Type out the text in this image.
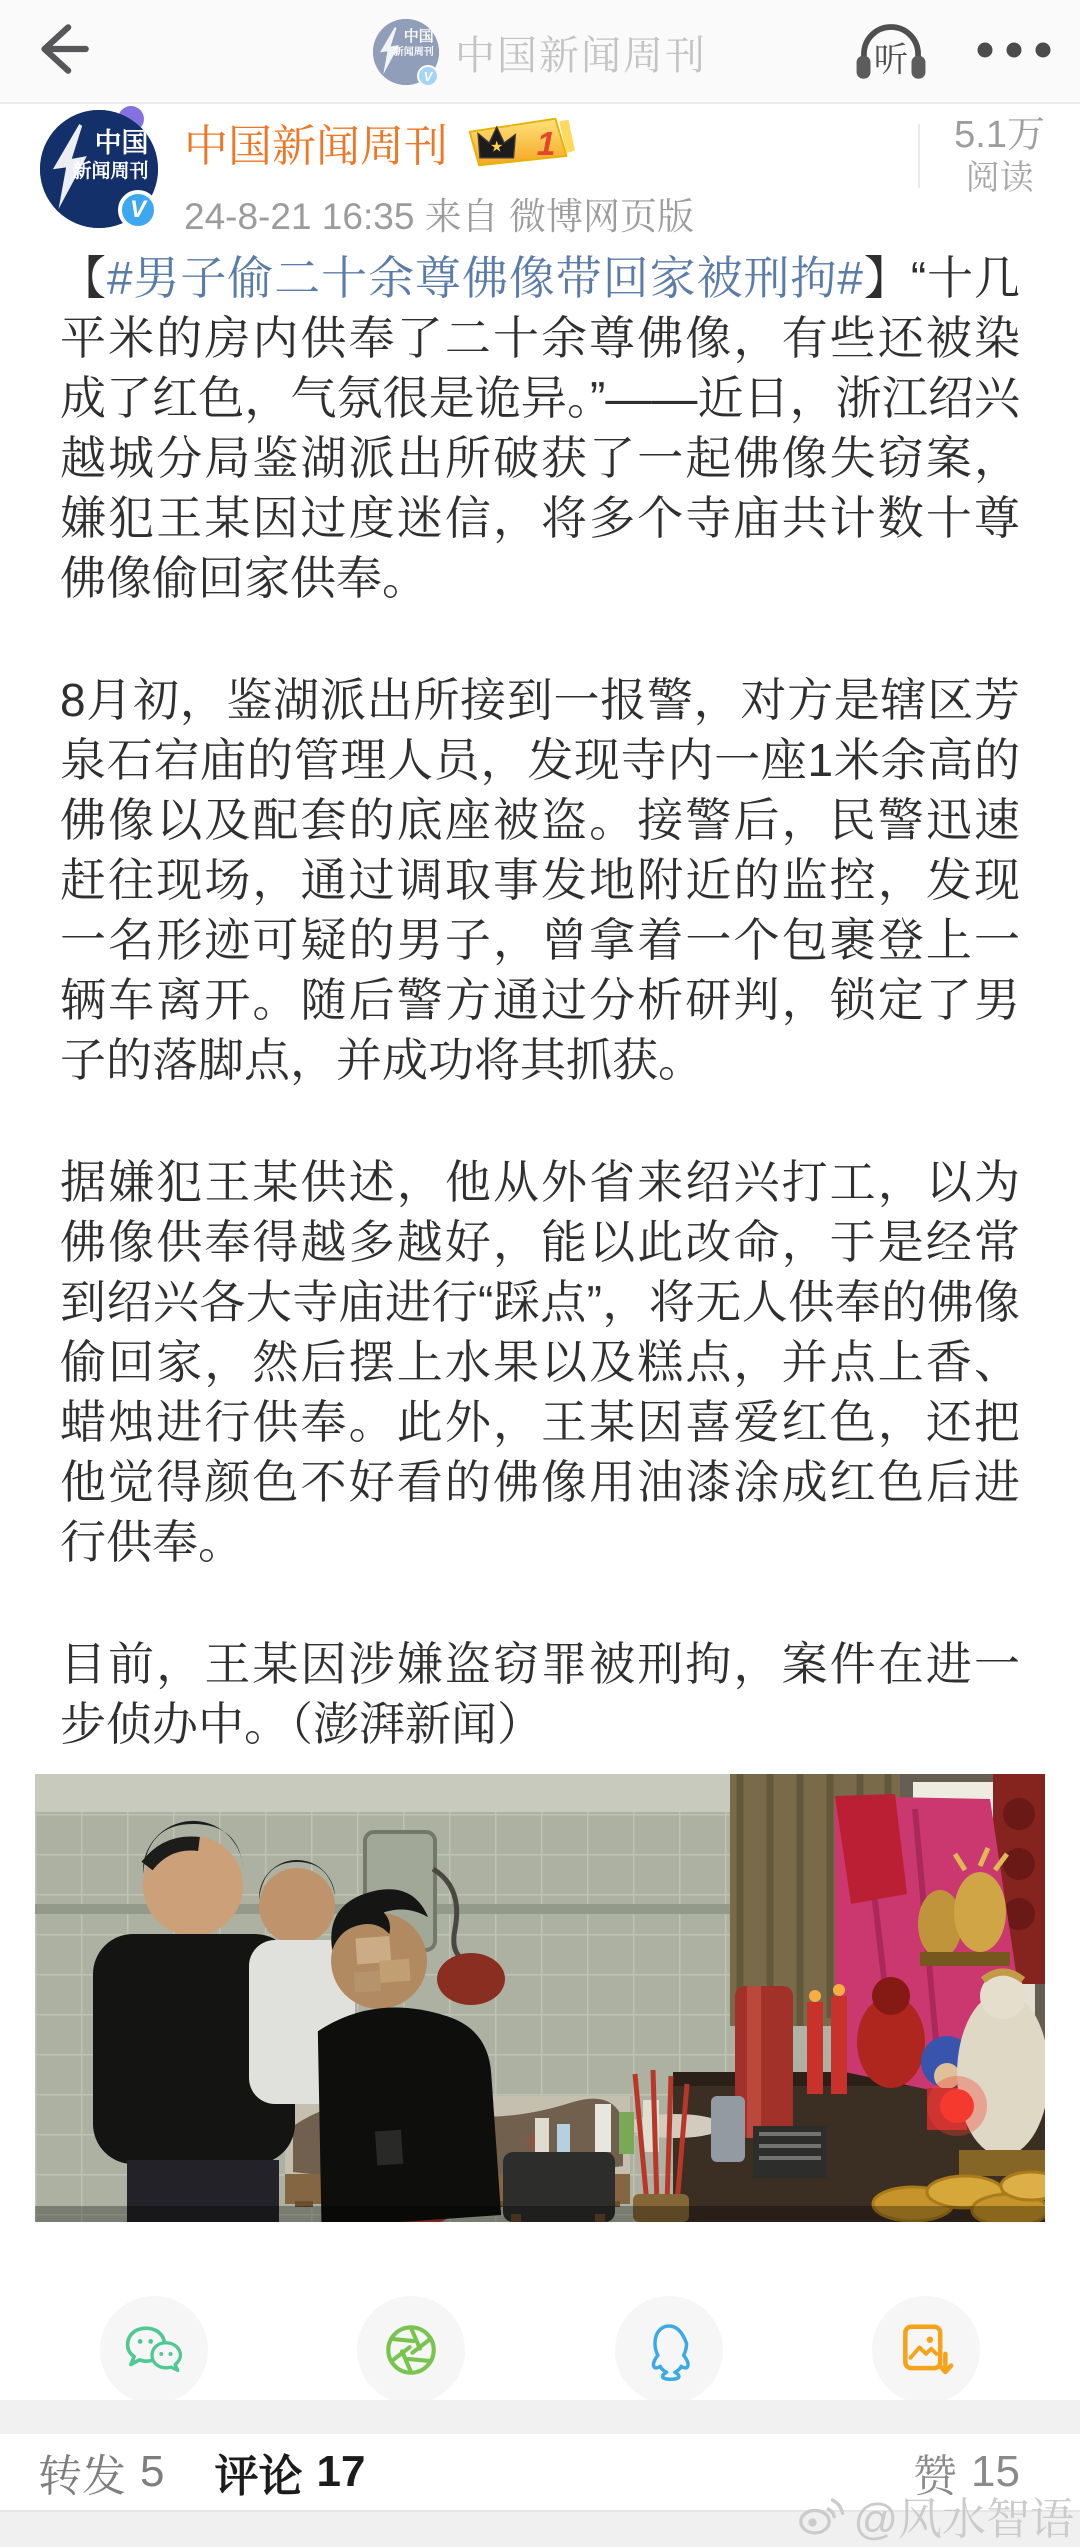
中国
新闻周刊
V 中国新闻周刊	听
中国
新闻周刊
V
中国新闻周刊	★ 1
24-8-21 16:35 来自 微博网页版
5.1万
阅读

【#男子偷二十余尊佛像带回家被刑拘#】“十几平米的房内供奉了二十余尊佛像，有些还被染成了红色，气氛很是诡异。”——近日，浙江绍兴越城分局鉴湖派出所破获了一起佛像失窃案，嫌犯王某因过度迷信，将多个寺庙共计数十尊佛像偷回家供奉。

8月初，鉴湖派出所接到一报警，对方是辖区芳泉石宕庙的管理人员，发现寺内一座1米余高的佛像以及配套的底座被盗。接警后，民警迅速赶往现场，通过调取事发地附近的监控，发现一名形迹可疑的男子，曾拿着一个包裹登上一辆车离开。随后警方通过分析研判，锁定了男子的落脚点，并成功将其抓获。

据嫌犯王某供述，他从外省来绍兴打工，以为佛像供奉得越多越好，能以此改命，于是经常到绍兴各大寺庙进行“踩点”，将无人供奉的佛像偷回家，然后摆上水果以及糕点，并点上香、蜡烛进行供奉。此外，王某因喜爱红色，还把他觉得颜色不好看的佛像用油漆涂成红色后进行供奉。

目前，王某因涉嫌盗窃罪被刑拘，案件在进一步侦办中。（澎湃新闻）

转发 5 评论 17	赞 15
@风水智语
